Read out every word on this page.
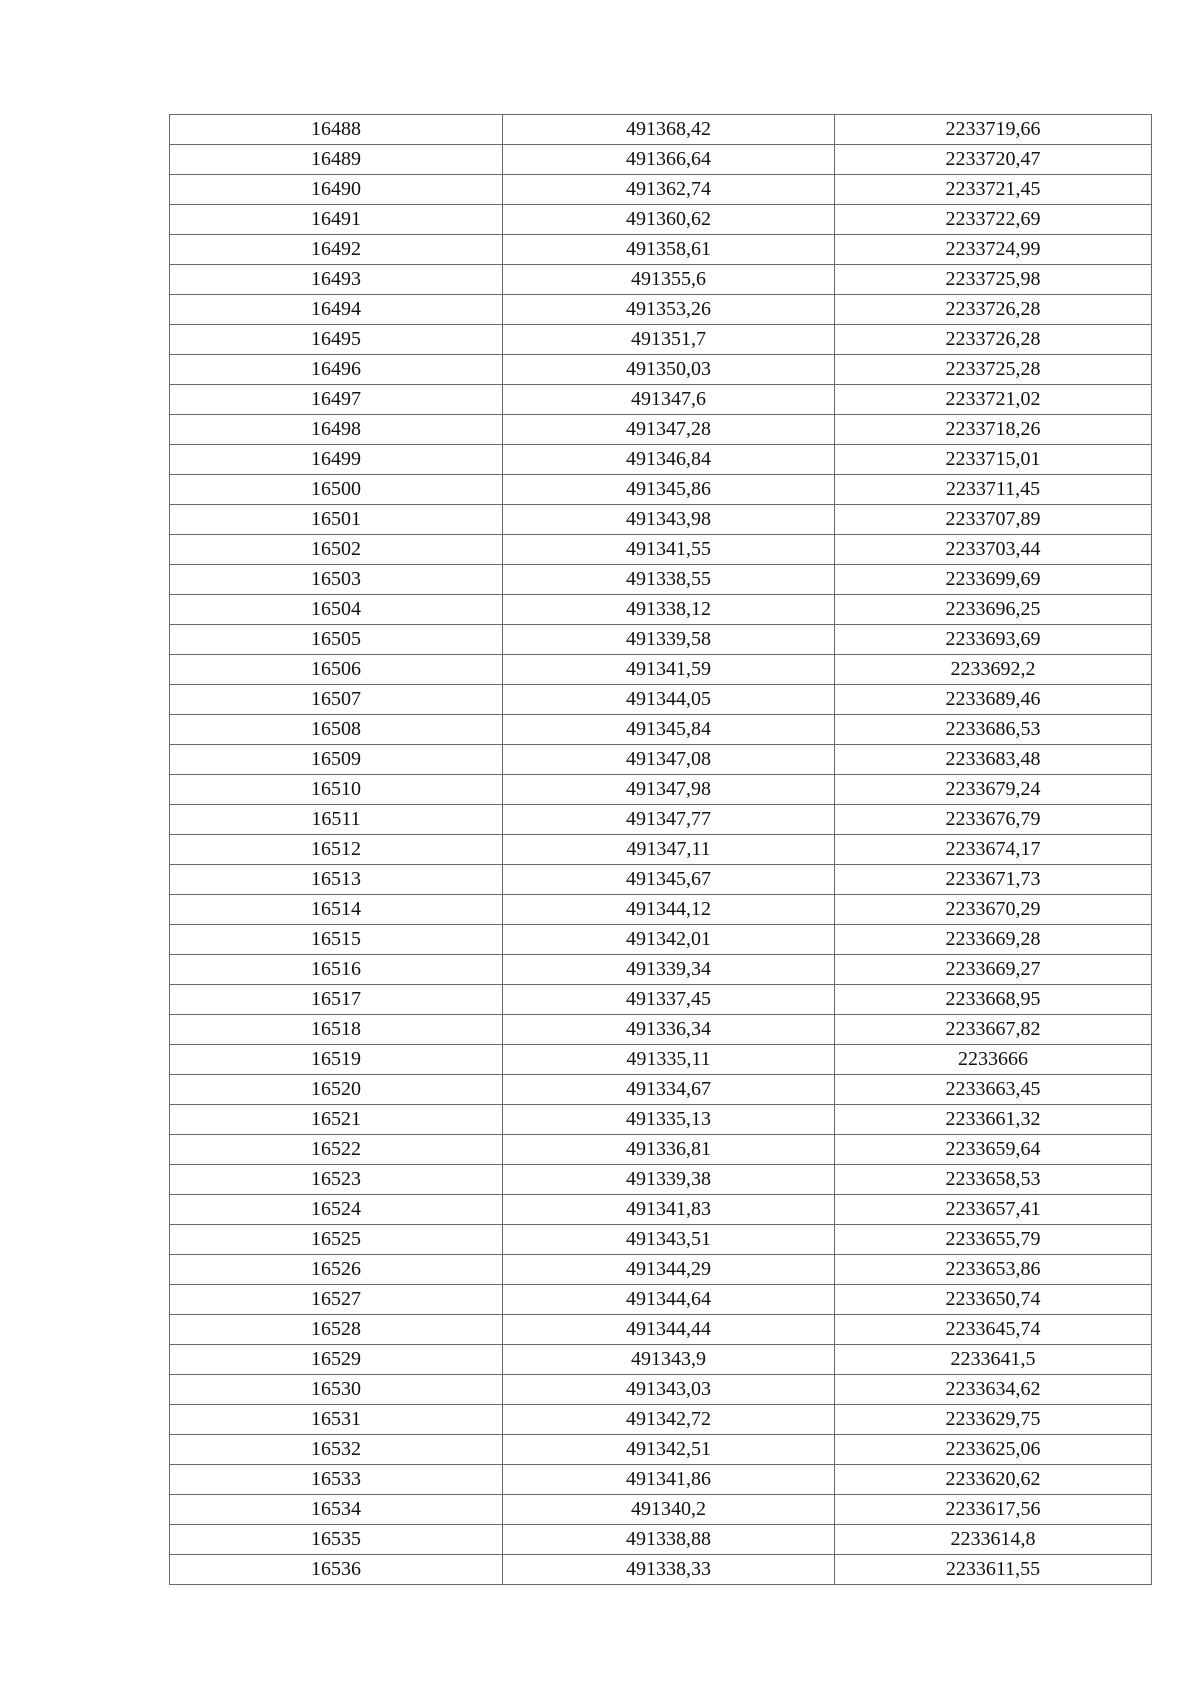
16488	491368,42	2233719,66
16489	491366,64	2233720,47
16490	491362,74	2233721,45
16491	491360,62	2233722,69
16492	491358,61	2233724,99
16493	491355,6	2233725,98
16494	491353,26	2233726,28
16495	491351,7	2233726,28
16496	491350,03	2233725,28
16497	491347,6	2233721,02
16498	491347,28	2233718,26
16499	491346,84	2233715,01
16500	491345,86	2233711,45
16501	491343,98	2233707,89
16502	491341,55	2233703,44
16503	491338,55	2233699,69
16504	491338,12	2233696,25
16505	491339,58	2233693,69
16506	491341,59	2233692,2
16507	491344,05	2233689,46
16508	491345,84	2233686,53
16509	491347,08	2233683,48
16510	491347,98	2233679,24
16511	491347,77	2233676,79
16512	491347,11	2233674,17
16513	491345,67	2233671,73
16514	491344,12	2233670,29
16515	491342,01	2233669,28
16516	491339,34	2233669,27
16517	491337,45	2233668,95
16518	491336,34	2233667,82
16519	491335,11	2233666
16520	491334,67	2233663,45
16521	491335,13	2233661,32
16522	491336,81	2233659,64
16523	491339,38	2233658,53
16524	491341,83	2233657,41
16525	491343,51	2233655,79
16526	491344,29	2233653,86
16527	491344,64	2233650,74
16528	491344,44	2233645,74
16529	491343,9	2233641,5
16530	491343,03	2233634,62
16531	491342,72	2233629,75
16532	491342,51	2233625,06
16533	491341,86	2233620,62
16534	491340,2	2233617,56
16535	491338,88	2233614,8
16536	491338,33	2233611,55
